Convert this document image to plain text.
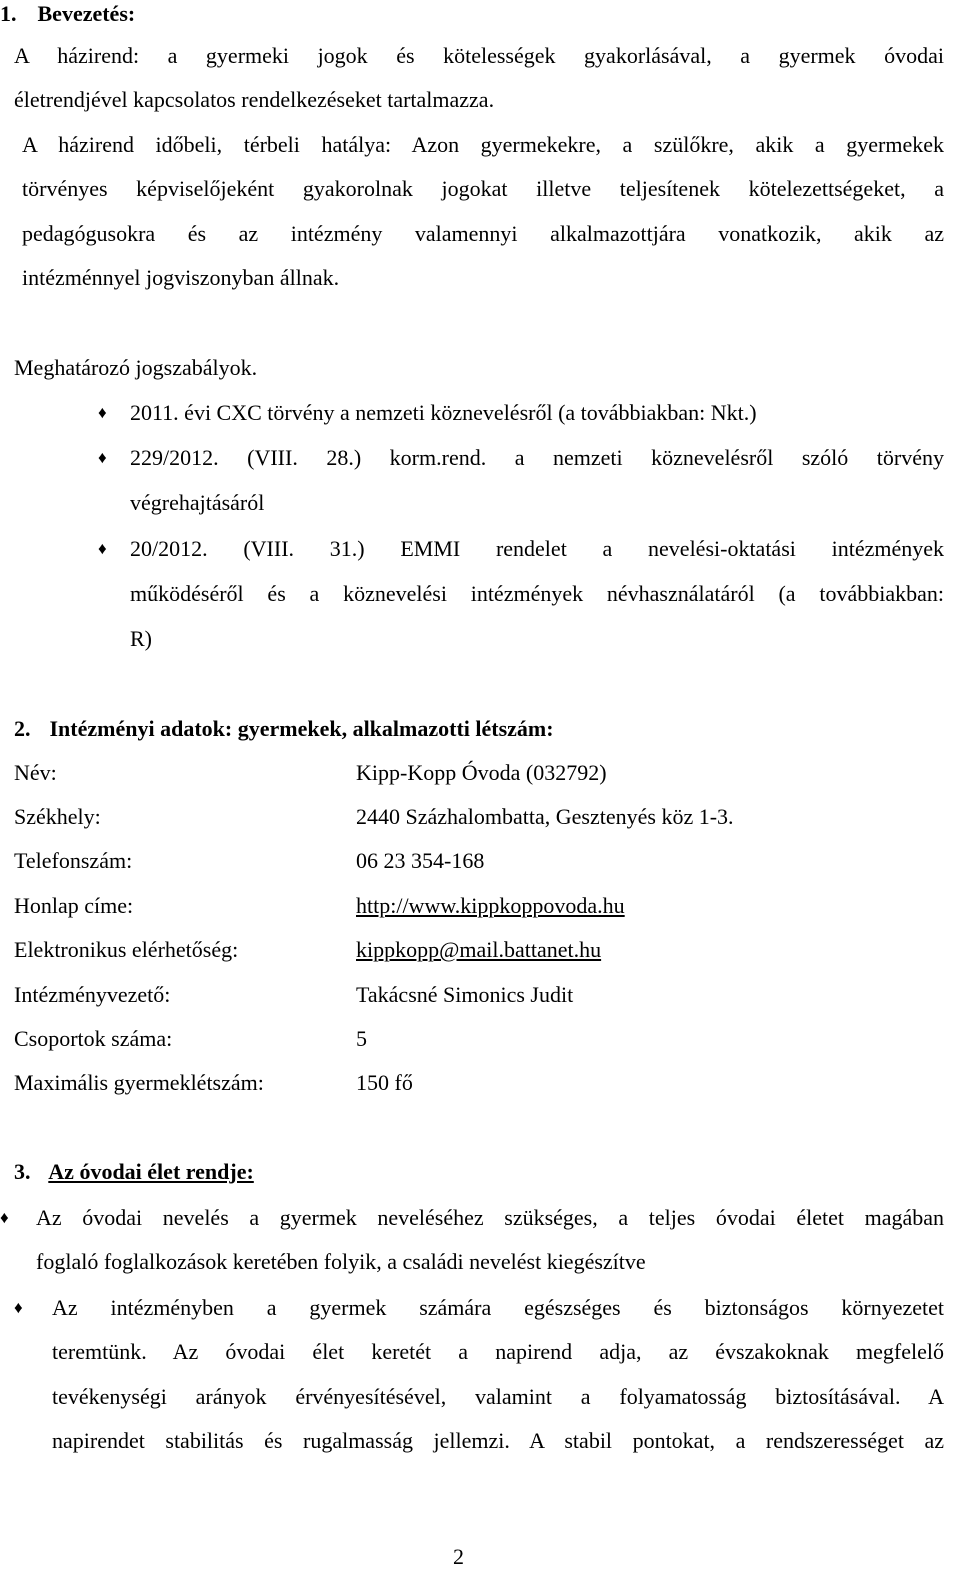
1. Bevezetés:
A házirend: a gyermeki jogok és kötelességek gyakorlásával, a gyermek óvodai
életrendjével kapcsolatos rendelkezéseket tartalmazza.
A házirend időbeli, térbeli hatálya: Azon gyermekekre, a szülőkre, akik a gyermekek
törvényes képviselőjeként gyakorolnak jogokat illetve teljesítenek kötelezettségeket, a
pedagógusokra és az intézmény valamennyi alkalmazottjára vonatkozik, akik az
intézménnyel jogviszonyban állnak.
Meghatározó jogszabályok.
♦ 2011. évi CXC törvény a nemzeti köznevelésről (a továbbiakban: Nkt.)
♦ 229/2012. (VIII. 28.) korm.rend. a nemzeti köznevelésről szóló törvény
végrehajtásáról
♦ 20/2012. (VIII. 31.) EMMI rendelet a nevelési-oktatási intézmények
működéséről és a köznevelési intézmények névhasználatáról (a továbbiakban:
R)
2. Intézményi adatok: gyermekek, alkalmazotti létszám:
Név:	Kipp-Kopp Óvoda (032792)
Székhely:	2440 Százhalombatta, Gesztenyés köz 1-3.
Telefonszám:	06 23 354-168
Honlap címe:	http://www.kippkoppovoda.hu
Elektronikus elérhetőség:	kippkopp@mail.battanet.hu
Intézményvezető:	Takácsné Simonics Judit
Csoportok száma:	5
Maximális gyermeklétszám:	150 fő
3. Az óvodai élet rendje:
♦ Az óvodai nevelés a gyermek neveléséhez szükséges, a teljes óvodai életet magában
foglaló foglalkozások keretében folyik, a családi nevelést kiegészítve
♦ Az intézményben a gyermek számára egészséges és biztonságos környezetet
teremtünk. Az óvodai élet keretét a napirend adja, az évszakoknak megfelelő
tevékenységi arányok érvényesítésével, valamint a folyamatosság biztosításával. A
napirendet stabilitás és rugalmasság jellemzi. A stabil pontokat, a rendszerességet az
2
